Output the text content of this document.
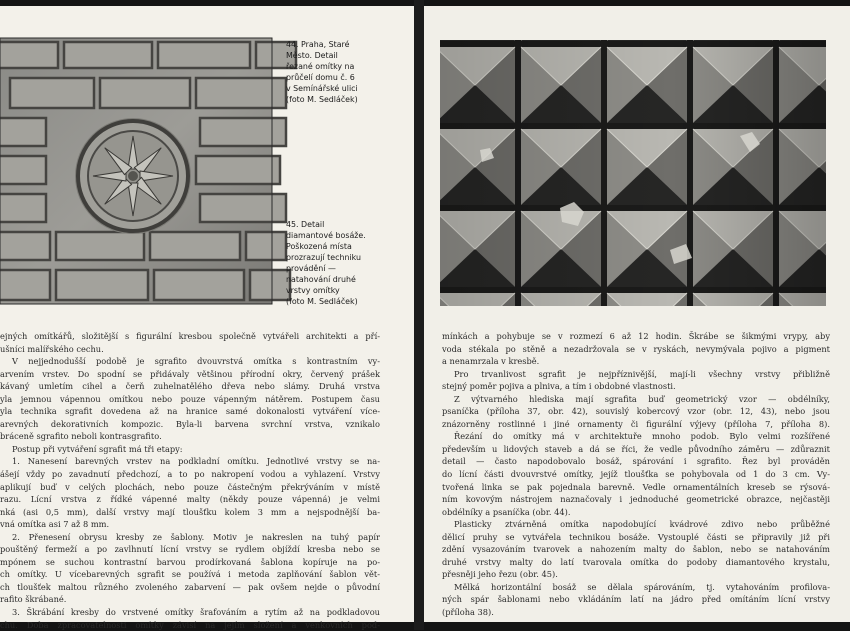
44. Praha, Staré
Město. Detail
řezané omítky na
průčelí domu č. 6
v Semínářské ulici
(foto M. Sedláček)
45. Detail
diamantové bosáže.
Poškozená místa
prozrazují techniku
provádění —
natahování druhé
vrstvy omítky
(foto M. Sedláček)
ejných omítkářů, složitější s figurální kresbou společně vytvářeli architekti a pří-
ušníci malířského cechu.
V nejjednodušší podobě je sgrafito dvouvrstvá omítka s kontrastním vy-
arvením vrstev. Do spodní se přidávaly většinou přírodní okry, červený prášek
kávaný umletím cihel a čerň zuhelnatělého dřeva nebo slámy. Druhá vrstva
yla jemnou vápennou omítkou nebo pouze vápenným nátěrem. Postupem času
yla technika sgrafit dovedena až na hranice samé dokonalosti vytváření více-
arevných dekorativních kompozic. Byla-li barvena svrchní vrstva, vznikalo
bráceně sgrafito neboli kontrasgrafito.
Postup při vytváření sgrafit má tři etapy:
1. Nanesení barevných vrstev na podkladní omítku. Jednotlivé vrstvy se na-
ášejí vždy po zavadnutí předchozí, a to po nakropení vodou a vyhlazení. Vrstvy
aplikují buď v celých plochách, nebo pouze částečným překrýváním v místě
razu. Lícní vrstva z řídké vápenné malty (někdy pouze vápenná) je velmi
nká (asi 0,5 mm), další vrstvy mají tloušťku kolem 3 mm a nejspodnější ba-
vná omítka asi 7 až 8 mm.
2. Přenesení obrysu kresby ze šablony. Motiv je nakreslen na tuhý papír
pouštěný fermeží a po zavlhnutí lícní vrstvy se rydlem objíždí kresba nebo se
mpónem se suchou kontrastní barvou prodírkovaná šablona kopíruje na po-
ch omítky. U vícebarevných sgrafit se používá i metoda zaplňování šablon vět-
ch tloušťek maltou různého zvoleného zabarvení — pak ovšem nejde o původní
rafito škrábané.
3. Škrábání kresby do vrstvené omítky šrafováním a rytím až na podkladovou
chu. Doba zpracovatelnosti omítky závisí na jejím složení a venkovních pod-
mínkách a pohybuje se v rozmezí 6 až 12 hodin. Škrábe se šikmými vrypy, aby
voda stékala po stěně a nezadržovala se v ryskách, nevymývala pojivo a pigment
a nenamrzala v kresbě.
Pro trvanlivost sgrafit je nejpříznivější, mají-li všechny vrstvy přibližně
stejný poměr pojiva a plniva, a tím i obdobné vlastnosti.
Z výtvarného hlediska mají sgrafita buď geometrický vzor — obdélníky,
psaníčka (příloha 37, obr. 42), souvislý kobercový vzor (obr. 12, 43), nebo jsou
znázorněny rostlinné i jiné ornamenty či figurální výjevy (příloha 7, příloha 8).
Řezání do omítky má v architektuře mnoho podob. Bylo velmi rozšířené
především u lidových staveb a dá se říci, že vedle původního záměru — zdůraznit
detail — často napodobovalo bosáž, spárování i sgrafito. Řez byl prováděn
do lícní části dvouvrstvé omítky, jejíž tloušťka se pohybovala od 1 do 3 cm. Vy-
tvořená linka se pak pojednala barevně. Vedle ornamentálních kreseb se rýsová-
ním kovovým nástrojem naznačovaly i jednoduché geometrické obrazce, nejčastěji
obdélníky a psaníčka (obr. 44).
Plasticky ztvárněná omítka napodobující kvádrové zdivo nebo průběžné
dělicí pruhy se vytvářela technikou bosáže. Vystouplé části se připravily již při
zdění vysazováním tvarovek a nahozením malty do šablon, nebo se natahováním
druhé vrstvy malty do latí tvarovala omítka do podoby diamantového krystalu,
přesněji jeho řezu (obr. 45).
Mělká horizontální bosáž se dělala spárováním, tj. vytahováním profilova-
ných spár šablonami nebo vkládáním latí na jádro před omítáním lícní vrstvy
(příloha 38).
